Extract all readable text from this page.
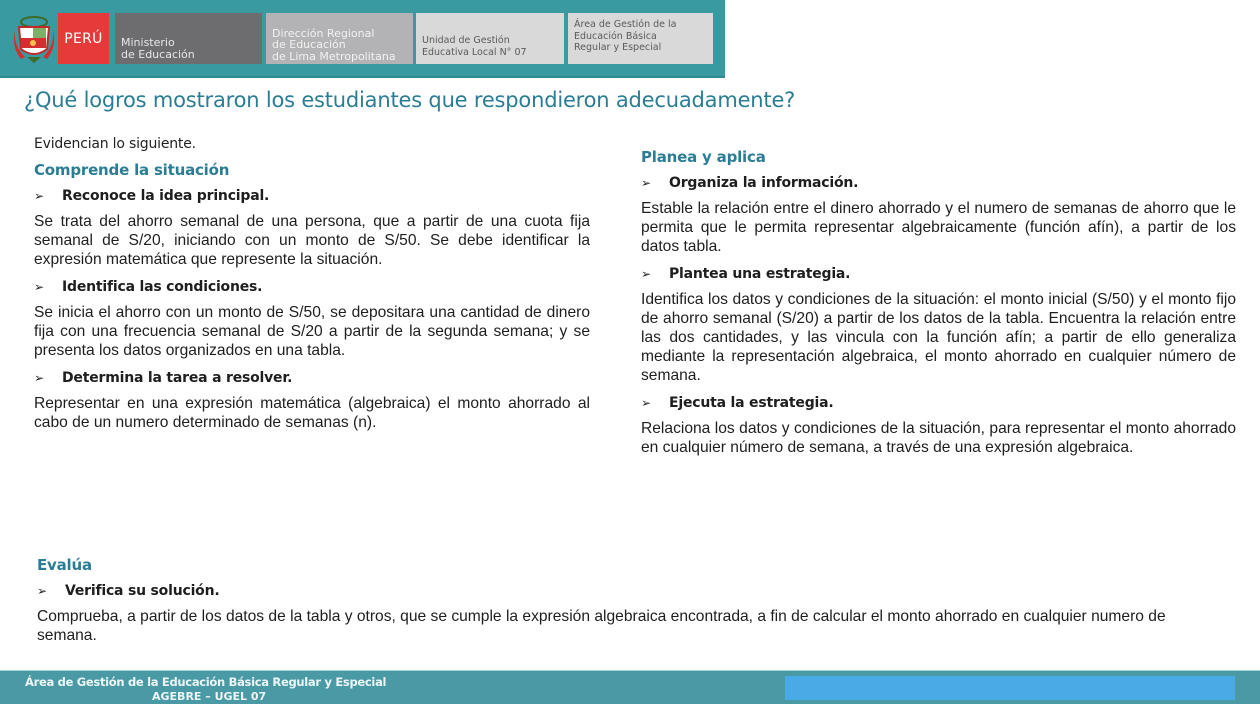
PERÚ	Ministerio
de Educación
Dirección Regional
de Educación
de Lima Metropolitana
Unidad de Gestión
Educativa Local N° 07
Área de Gestión de la
Educación Básica
Regular y Especial
¿Qué logros mostraron los estudiantes que respondieron adecuadamente?
Evidencian lo siguiente.
Comprende la situación
➢	Reconoce la idea principal.
Se trata del ahorro semanal de una persona, que a partir de una cuota fija semanal de S/20, iniciando con un monto de S/50. Se debe identificar la expresión matemática que represente la situación.
➢	Identifica las condiciones.
Se inicia el ahorro con un monto de S/50, se depositara una cantidad de dinero fija con una frecuencia semanal de S/20 a partir de la segunda semana; y se presenta los datos organizados en una tabla.
➢	Determina la tarea a resolver.
Representar en una expresión matemática (algebraica) el monto ahorrado al cabo de un numero determinado de semanas (n).
Planea y aplica
➢	Organiza la información.
Estable la relación entre el dinero ahorrado y el numero de semanas de ahorro que le permita que le permita representar algebraicamente (función afín), a partir de los datos tabla.
➢	Plantea una estrategia.
Identifica los datos y condiciones de la situación: el monto inicial (S/50) y el monto fijo de ahorro semanal (S/20) a partir de los datos de la tabla. Encuentra la relación entre las dos cantidades, y las vincula con la función afín; a partir de ello generaliza mediante la representación algebraica, el monto ahorrado en cualquier número de semana.
➢	Ejecuta la estrategia.
Relaciona los datos y condiciones de la situación, para representar el monto ahorrado en cualquier número de semana, a través de una expresión algebraica.
Evalúa
➢	Verifica su solución.
Comprueba, a partir de los datos de la tabla y otros, que se cumple la expresión algebraica encontrada, a fin de calcular el monto ahorrado en cualquier numero de semana.
Área de Gestión de la Educación Básica Regular y Especial
AGEBRE – UGEL 07
